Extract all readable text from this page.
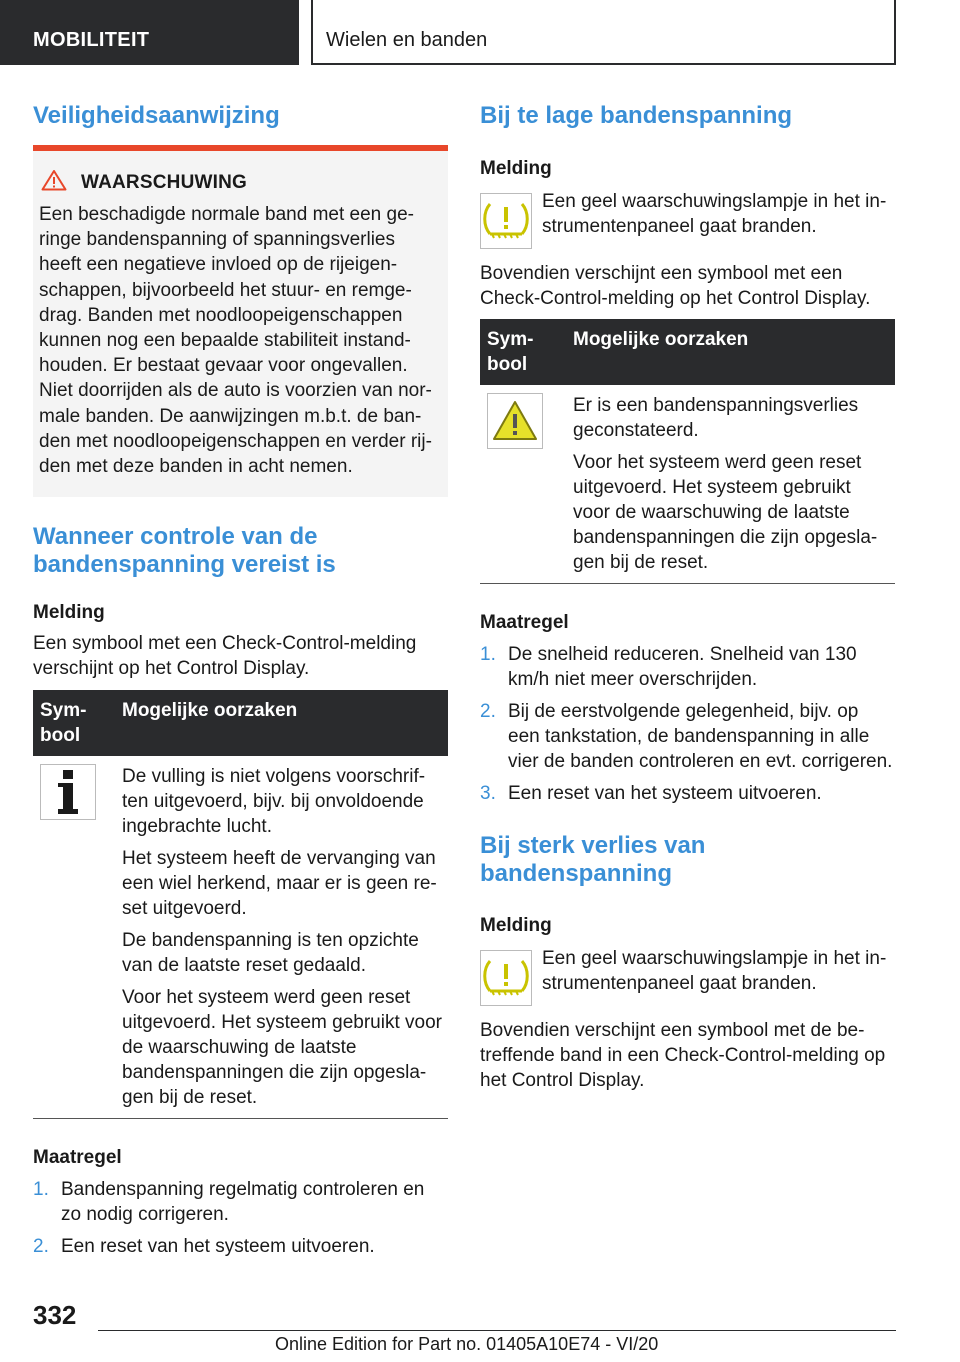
MOBILITEIT	Wielen en banden
Veiligheidsaanwijzing
WAARSCHUWING
Een beschadigde normale band met een ge- ringe bandenspanning of spanningsverlies heeft een negatieve invloed op de rijeigen- schappen, bijvoorbeeld het stuur- en remge- drag. Banden met noodloopeigenschappen kunnen nog een bepaalde stabiliteit instand- houden. Er bestaat gevaar voor ongevallen. Niet doorrijden als de auto is voorzien van nor- male banden. De aanwijzingen m.b.t. de ban- den met noodloopeigenschappen en verder rij- den met deze banden in acht nemen.
Wanneer controle van de bandenspanning vereist is
Melding
Een symbool met een Check-Control-melding verschijnt op het Control Display.
Sym- bool	Mogelijke oorzaken

De vulling is niet volgens voorschrif- ten uitgevoerd, bijv. bij onvoldoende ingebrachte lucht.

Het systeem heeft de vervanging van een wiel herkend, maar er is geen re- set uitgevoerd.

De bandenspanning is ten opzichte van de laatste reset gedaald.

Voor het systeem werd geen reset uitgevoerd. Het systeem gebruikt voor de waarschuwing de laatste bandenspanningen die zijn opgesla- gen bij de reset.

Maatregel
1. Bandenspanning regelmatig controleren en zo nodig corrigeren.
2. Een reset van het systeem uitvoeren.
Bij te lage bandenspanning
Melding
Een geel waarschuwingslampje in het in- strumentenpaneel gaat branden.
Bovendien verschijnt een symbool met een Check-Control-melding op het Control Display.
Sym- bool	Mogelijke oorzaken

Er is een bandenspanningsverlies geconstateerd.

Voor het systeem werd geen reset uitgevoerd. Het systeem gebruikt voor de waarschuwing de laatste bandenspanningen die zijn opgesla- gen bij de reset.

Maatregel
1. De snelheid reduceren. Snelheid van 130 km/h niet meer overschrijden.
2. Bij de eerstvolgende gelegenheid, bijv. op een tankstation, de bandenspanning in alle vier de banden controleren en evt. corrigeren.
3. Een reset van het systeem uitvoeren.
Bij sterk verlies van bandenspanning
Melding
Een geel waarschuwingslampje in het in- strumentenpaneel gaat branden.
Bovendien verschijnt een symbool met de be- treffende band in een Check-Control-melding op het Control Display.
332
Online Edition for Part no. 01405A10E74 - VI/20
